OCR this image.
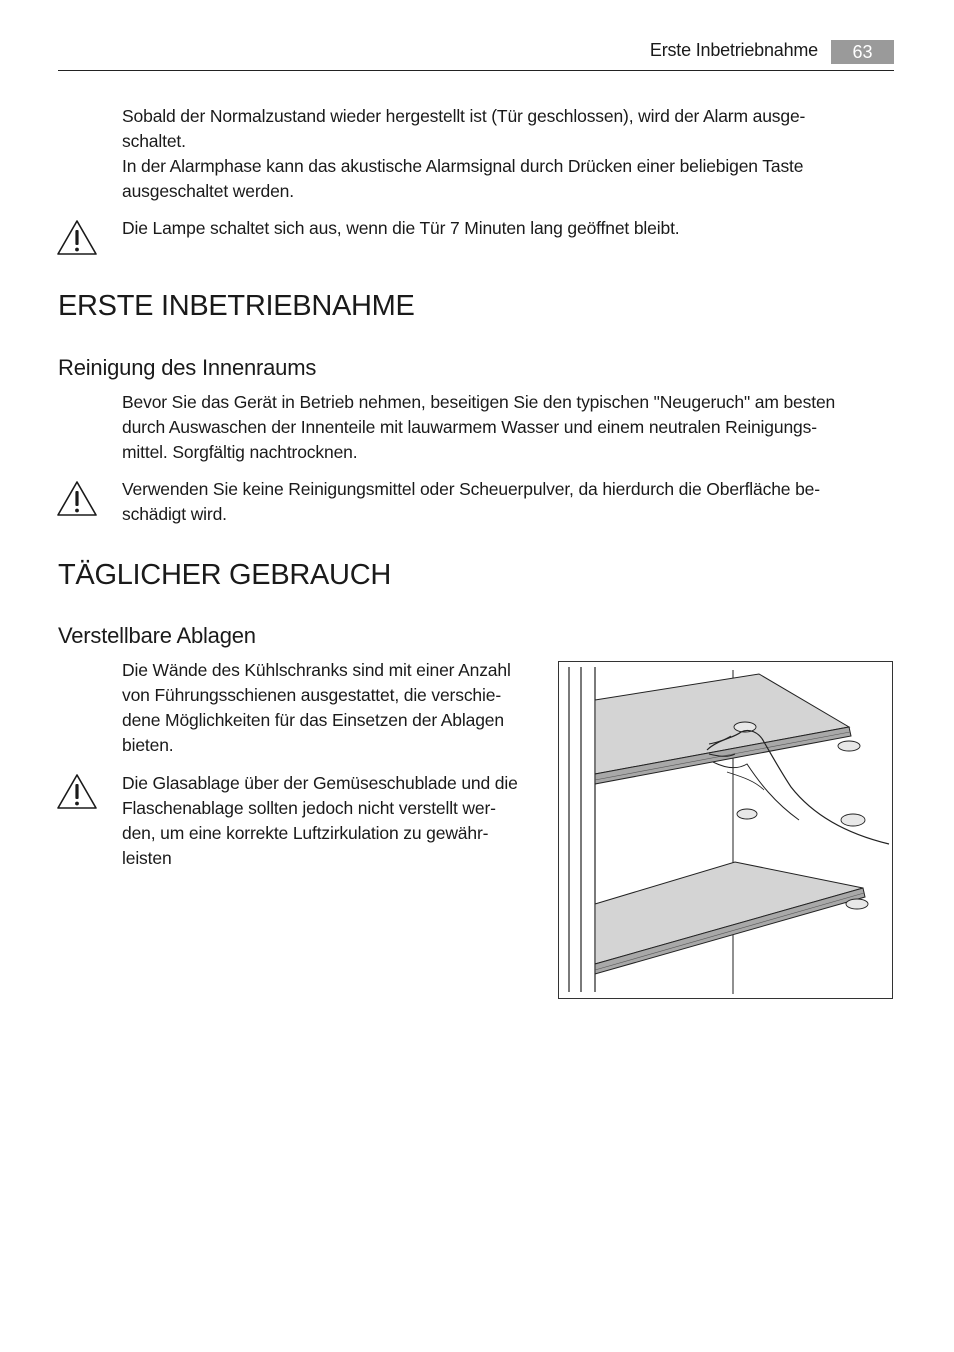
Erste Inbetriebnahme	63

Sobald der Normalzustand wieder hergestellt ist (Tür geschlossen), wird der Alarm ausge-

schaltet.

In der Alarmphase kann das akustische Alarmsignal durch Drücken einer beliebigen Taste

ausgeschaltet werden.

Die Lampe schaltet sich aus, wenn die Tür 7 Minuten lang geöffnet bleibt.

ERSTE INBETRIEBNAHME
Reinigung des Innenraums

Bevor Sie das Gerät in Betrieb nehmen, beseitigen Sie den typischen "Neugeruch" am besten

durch Auswaschen der Innenteile mit lauwarmem Wasser und einem neutralen Reinigungs-

mittel. Sorgfältig nachtrocknen.

Verwenden Sie keine Reinigungsmittel oder Scheuerpulver, da hierdurch die Oberfläche be-

schädigt wird.

TÄGLICHER GEBRAUCH
Verstellbare Ablagen

Die Wände des Kühlschranks sind mit einer Anzahl

von Führungsschienen ausgestattet, die verschie-

dene Möglichkeiten für das Einsetzen der Ablagen

bieten.

Die Glasablage über der Gemüseschublade und die

Flaschenablage sollten jedoch nicht verstellt wer-

den, um eine korrekte Luftzirkulation zu gewähr-

leisten
